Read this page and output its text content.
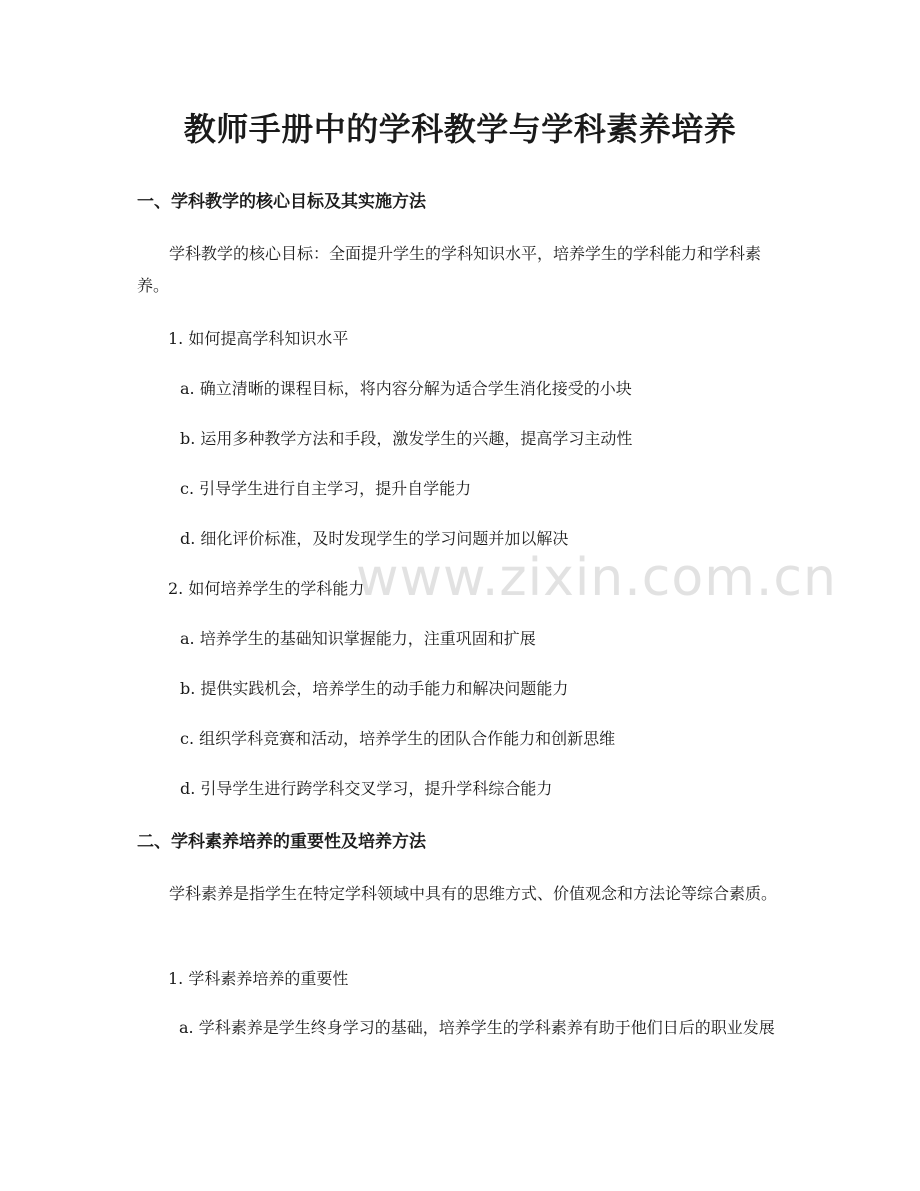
www.zixin.com.cn
教师手册中的学科教学与学科素养培养
一、学科教学的核心目标及其实施方法
学科教学的核心目标：全面提升学生的学科知识水平，培养学生的学科能力和学科素养。
1. 如何提高学科知识水平
a. 确立清晰的课程目标，将内容分解为适合学生消化接受的小块
b. 运用多种教学方法和手段，激发学生的兴趣，提高学习主动性
c. 引导学生进行自主学习，提升自学能力
d. 细化评价标准，及时发现学生的学习问题并加以解决
2. 如何培养学生的学科能力
a. 培养学生的基础知识掌握能力，注重巩固和扩展
b. 提供实践机会，培养学生的动手能力和解决问题能力
c. 组织学科竞赛和活动，培养学生的团队合作能力和创新思维
d. 引导学生进行跨学科交叉学习，提升学科综合能力
二、学科素养培养的重要性及培养方法
学科素养是指学生在特定学科领域中具有的思维方式、价值观念和方法论等综合素质。
1. 学科素养培养的重要性
a. 学科素养是学生终身学习的基础，培养学生的学科素养有助于他们日后的职业发展
